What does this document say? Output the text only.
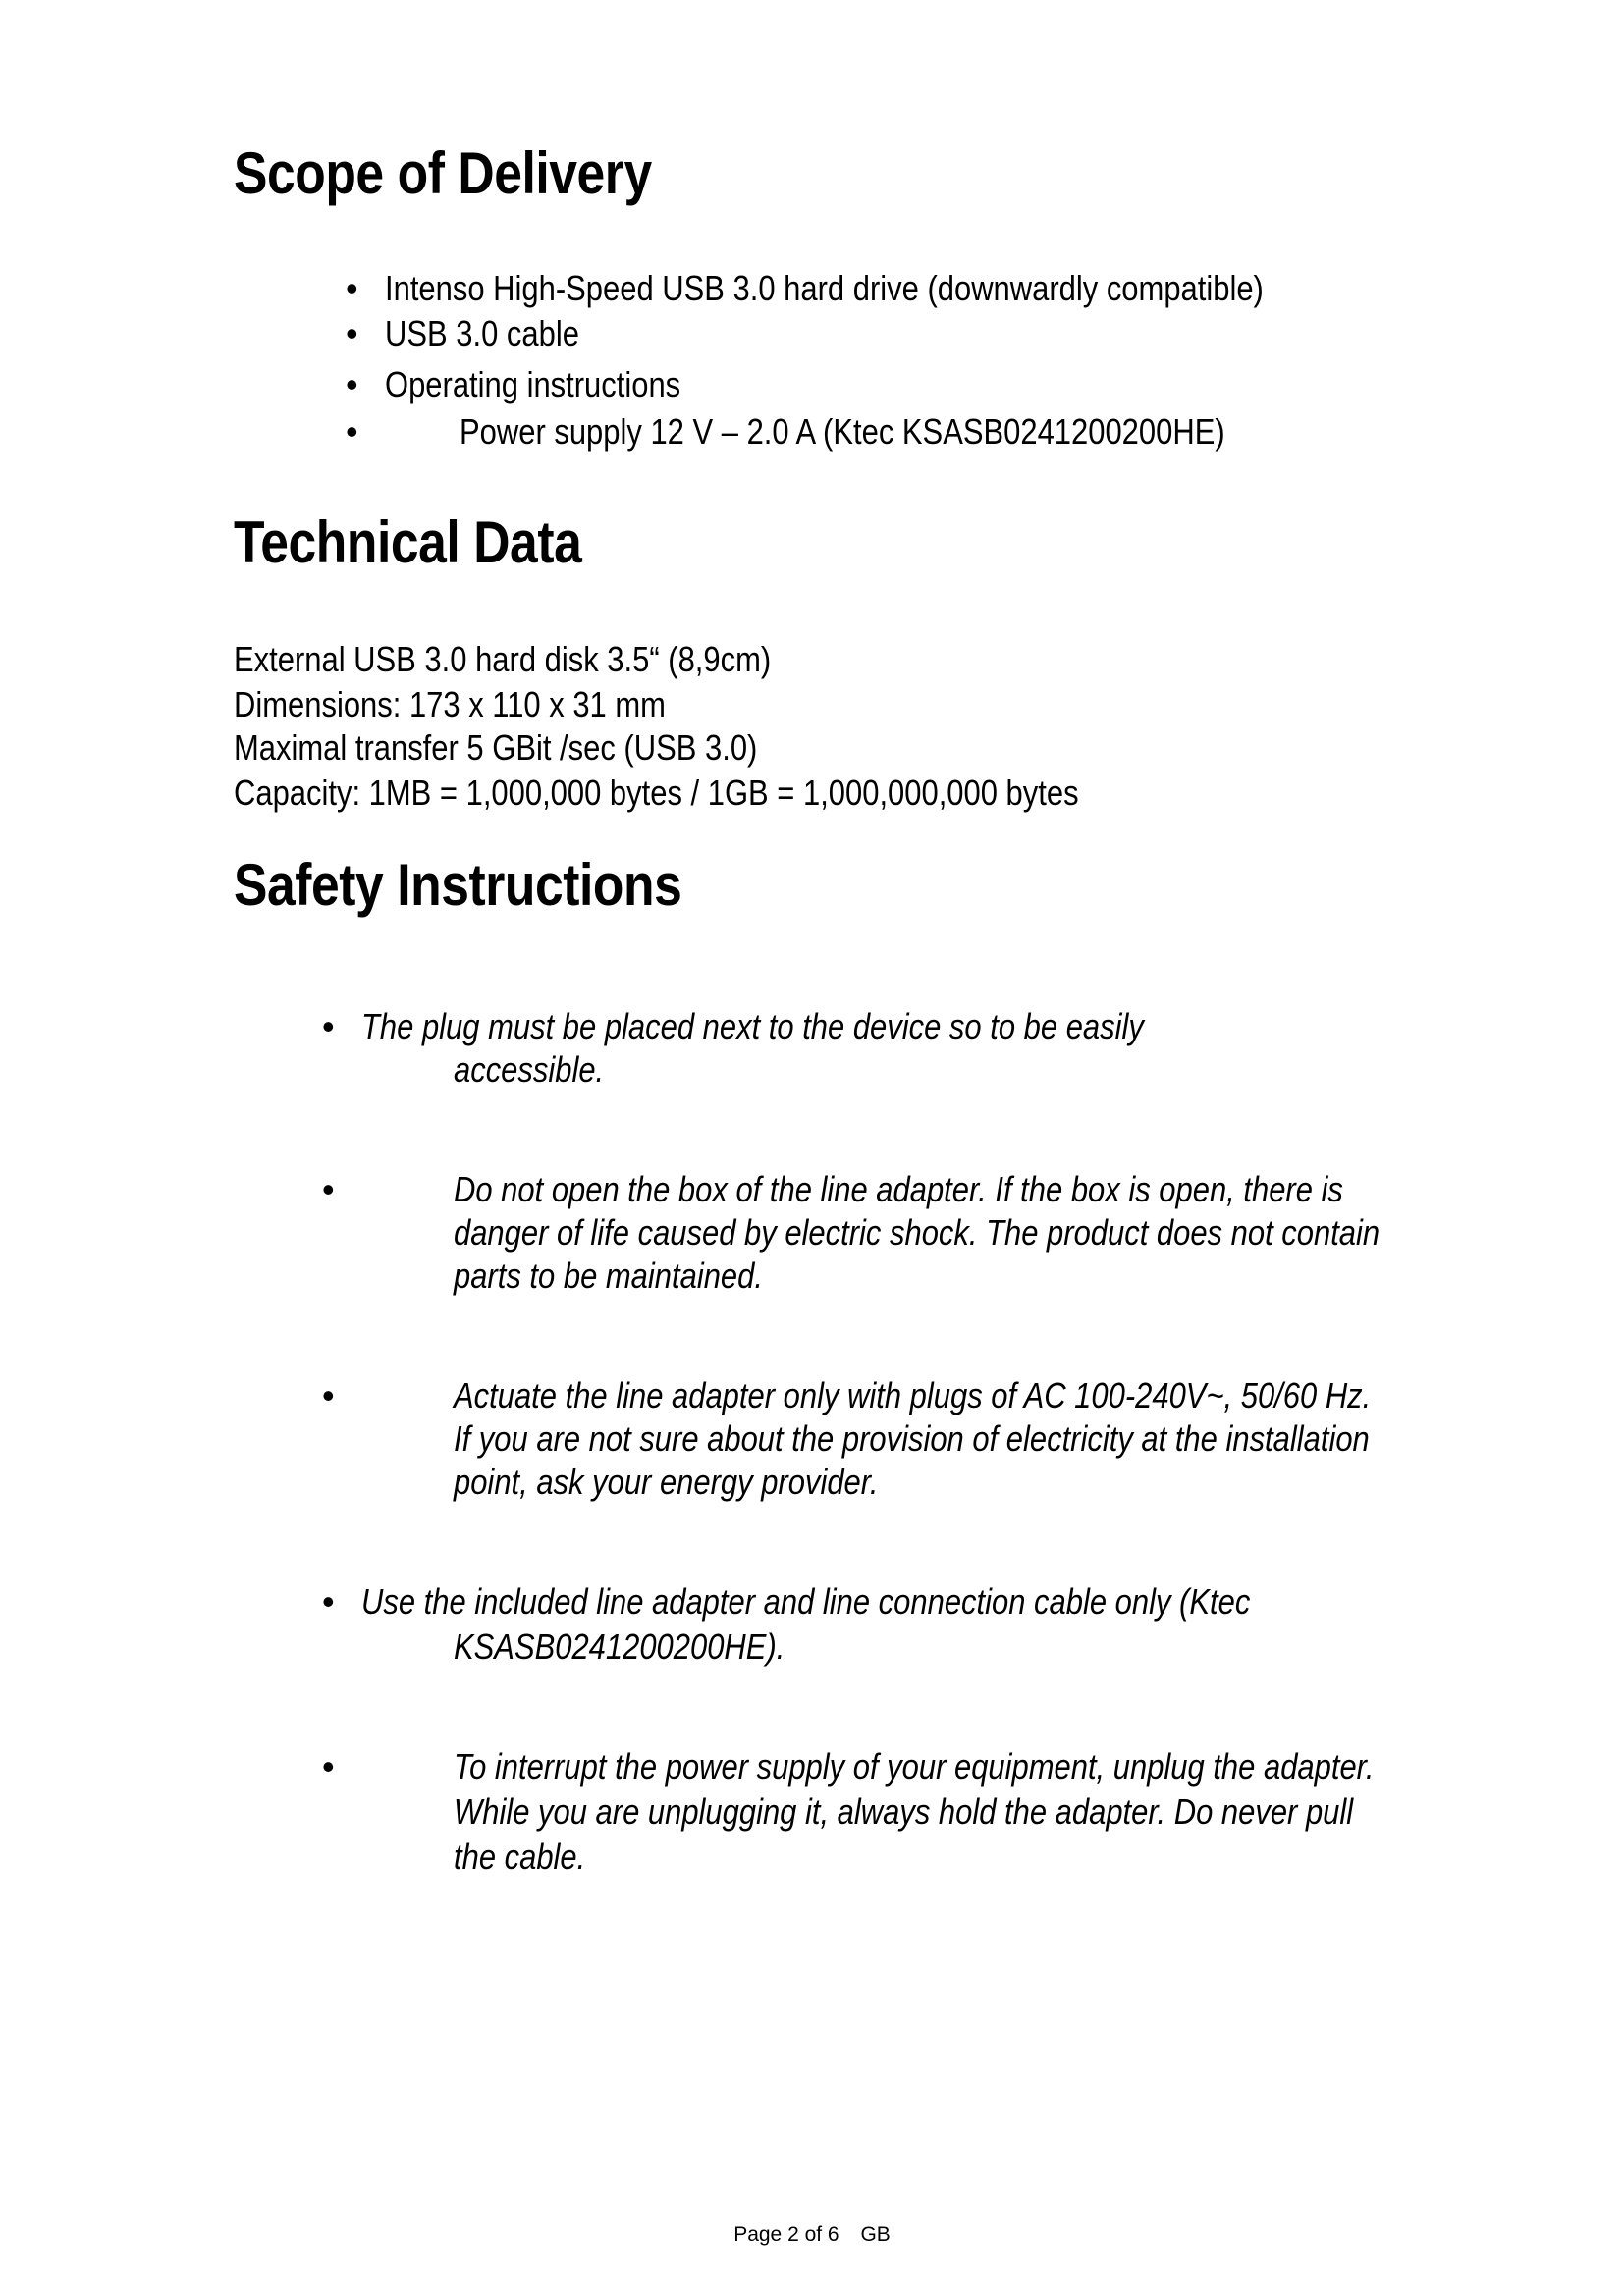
Scope of Delivery
• Intenso High-Speed USB 3.0 hard drive (downwardly compatible)
• USB 3.0 cable
• Operating instructions
•	Power supply 12 V – 2.0 A (Ktec KSASB0241200200HE)
Technical Data
External USB 3.0 hard disk 3.5“ (8,9cm)
Dimensions: 173 x 110 x 31 mm
Maximal transfer 5 GBit /sec (USB 3.0)
Capacity: 1MB = 1,000,000 bytes / 1GB = 1,000,000,000 bytes
Safety Instructions
• The plug must be placed next to the device so to be easily
accessible.
•	Do not open the box of the line adapter. If the box is open, there is
danger of life caused by electric shock. The product does not contain
parts to be maintained.
•	Actuate the line adapter only with plugs of AC 100-240V~, 50/60 Hz.
If you are not sure about the provision of electricity at the installation
point, ask your energy provider.
• Use the included line adapter and line connection cable only (Ktec
KSASB0241200200HE).
•	To interrupt the power supply of your equipment, unplug the adapter.
While you are unplugging it, always hold the adapter. Do never pull
the cable.
Page 2 of 6 GB
